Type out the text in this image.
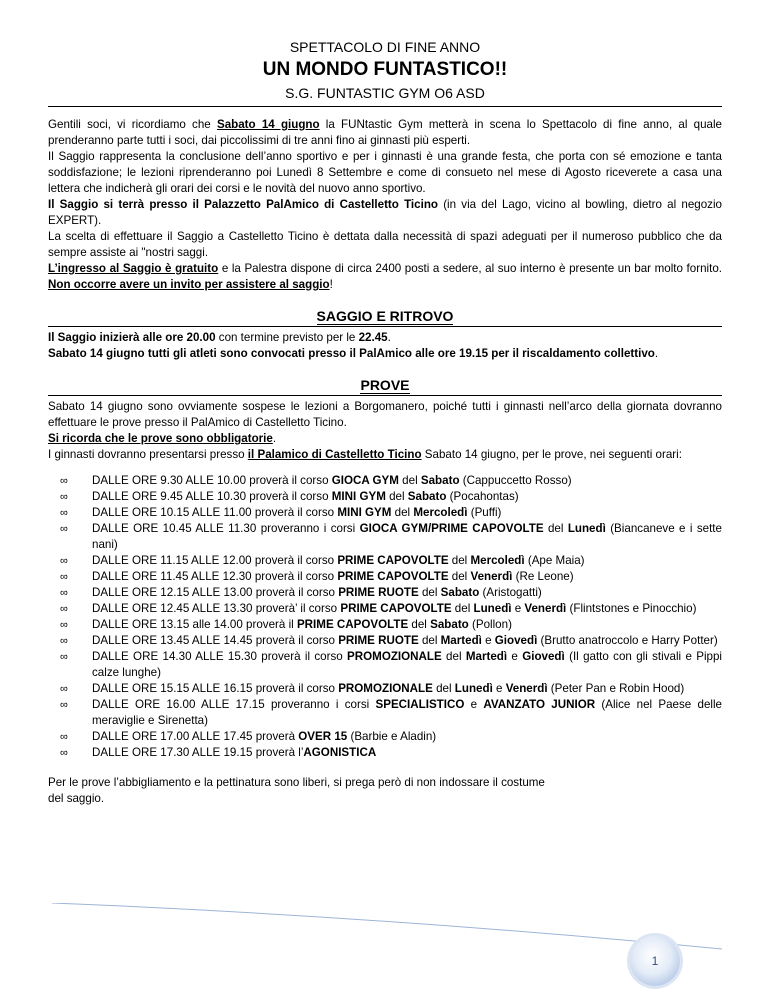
SPETTACOLO DI FINE ANNO
UN MONDO FUNTASTICO!!
S.G. FUNTASTIC GYM O6 ASD

Gentili soci, vi ricordiamo che Sabato 14 giugno la FUNtastic Gym metterà in scena lo Spettacolo di fine anno, al quale prenderanno parte tutti i soci, dai piccolissimi di tre anni fino ai ginnasti più esperti.

Il Saggio rappresenta la conclusione dell’anno sportivo e per i ginnasti è una grande festa, che porta con sé emozione e tanta soddisfazione; le lezioni riprenderanno poi Lunedì 8 Settembre e come di consueto nel mese di Agosto riceverete a casa una lettera che indicherà gli orari dei corsi e le novità del nuovo anno sportivo.

Il Saggio si terrà presso il Palazzetto PalAmico di Castelletto Ticino (in via del Lago, vicino al bowling, dietro al negozio EXPERT).

La scelta di effettuare il Saggio a Castelletto Ticino è dettata dalla necessità di spazi adeguati per il numeroso pubblico che da sempre assiste ai "nostri saggi.

L’ingresso al Saggio è gratuito e la Palestra dispone di circa 2400 posti a sedere, al suo interno è presente un bar molto fornito. Non occorre avere un invito per assistere al saggio!

SAGGIO E RITROVO

Il Saggio inizierà alle ore 20.00 con termine previsto per le 22.45.

Sabato 14 giugno tutti gli atleti sono convocati presso il PalAmico alle ore 19.15 per il riscaldamento collettivo.

PROVE

Sabato 14 giugno sono ovviamente sospese le lezioni a Borgomanero, poiché tutti i ginnasti nell’arco della giornata dovranno effettuare le prove presso il PalAmico di Castelletto Ticino.

Si ricorda che le prove sono obbligatorie.

I ginnasti dovranno presentarsi presso il Palamico di Castelletto Ticino Sabato 14 giugno, per le prove, nei seguenti orari:

∞ DALLE ORE 9.30 ALLE 10.00 proverà il corso GIOCA GYM del Sabato (Cappuccetto Rosso)
∞ DALLE ORE 9.45 ALLE 10.30 proverà il corso MINI GYM del Sabato (Pocahontas)
∞ DALLE ORE 10.15 ALLE 11.00 proverà il corso MINI GYM del Mercoledì (Puffi)
∞ DALLE ORE 10.45 ALLE 11.30 proveranno i corsi GIOCA GYM/PRIME CAPOVOLTE del Lunedì (Biancaneve e i sette nani)
∞ DALLE ORE 11.15 ALLE 12.00 proverà il corso PRIME CAPOVOLTE del Mercoledì (Ape Maia)
∞ DALLE ORE 11.45 ALLE 12.30 proverà il corso PRIME CAPOVOLTE del Venerdì (Re Leone)
∞ DALLE ORE 12.15 ALLE 13.00 proverà il corso PRIME RUOTE del Sabato (Aristogatti)
∞ DALLE ORE 12.45 ALLE 13.30 proverà’ il corso PRIME CAPOVOLTE del Lunedì e Venerdì (Flintstones e Pinocchio)
∞ DALLE ORE 13.15 alle 14.00 proverà il PRIME CAPOVOLTE del Sabato (Pollon)
∞ DALLE ORE 13.45 ALLE 14.45 proverà il corso PRIME RUOTE del Martedì e Giovedì (Brutto anatroccolo e Harry Potter)
∞ DALLE ORE 14.30 ALLE 15.30 proverà il corso PROMOZIONALE del Martedì e Giovedì (Il gatto con gli stivali e Pippi calze lunghe)
∞ DALLE ORE 15.15 ALLE 16.15 proverà il corso PROMOZIONALE del Lunedì e Venerdì (Peter Pan e Robin Hood)
∞ DALLE ORE 16.00 ALLE 17.15 proveranno i corsi SPECIALISTICO e AVANZATO JUNIOR (Alice nel Paese delle meraviglie e Sirenetta)
∞ DALLE ORE 17.00 ALLE 17.45 proverà OVER 15 (Barbie e Aladin)
∞ DALLE ORE 17.30 ALLE 19.15 proverà l’AGONISTICA

Per le prove l’abbigliamento e la pettinatura sono liberi, si prega però di non indossare il costume
del saggio.

1
